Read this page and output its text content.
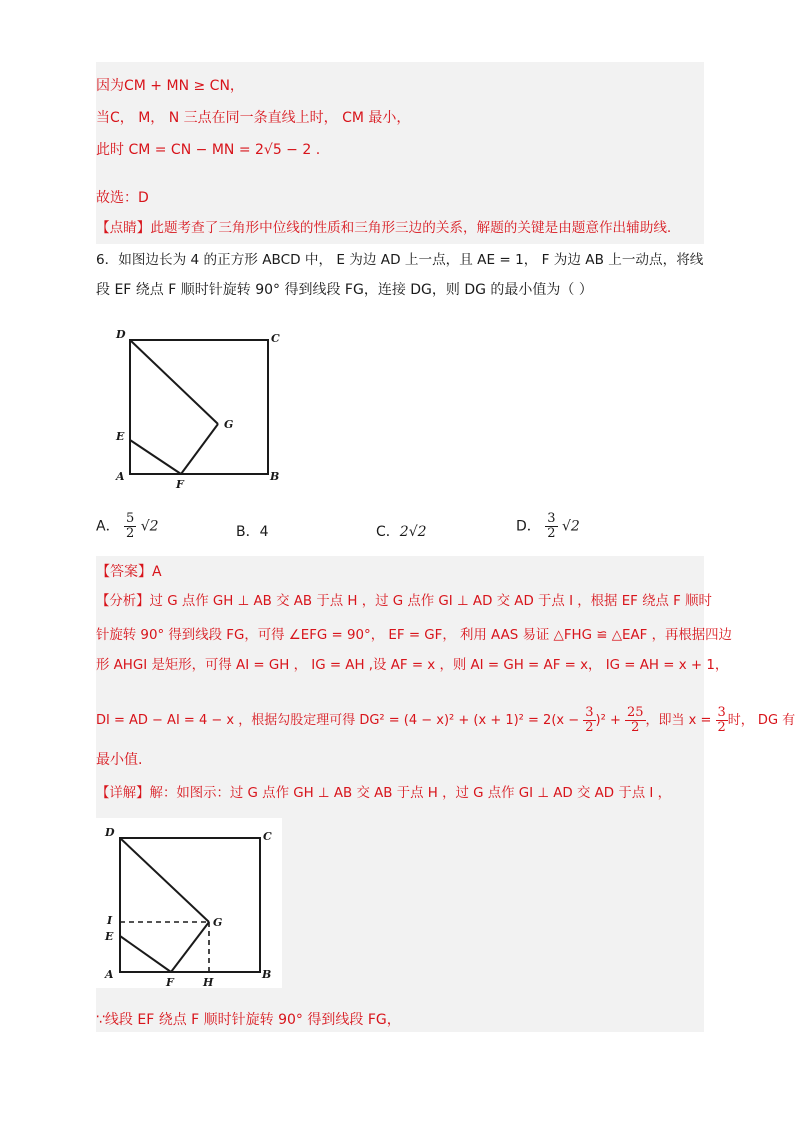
因为CM + MN ≥ CN，
当C， M， N 三点在同一条直线上时， CM 最小，
此时 CM = CN − MN = 2√5 − 2 .
故选：D
【点睛】此题考查了三角形中位线的性质和三角形三边的关系，解题的关键是由题意作出辅助线.
6．如图边长为 4 的正方形 ABCD 中， E 为边 AD 上一点，且 AE = 1， F 为边 AB 上一动点，将线
段 EF 绕点 F 顺时针旋转 90° 得到线段 FG，连接 DG，则 DG 的最小值为（ ）
D	C
E
G
A
F
B
A． $\frac{5}{2} √2$	B．4	C．2√2	D． $\frac{3}{2} √2$
【答案】A
【分析】过 G 点作 GH ⊥ AB 交 AB 于点 H ，过 G 点作 GI ⊥ AD 交 AD 于点 I ，根据 EF 绕点 F 顺时
针旋转 90° 得到线段 FG，可得 ∠EFG = 90°， EF = GF， 利用 AAS 易证 △FHG ≌ △EAF ，再根据四边
形 AHGI 是矩形，可得 AI = GH ， IG = AH ,设 AF = x ，则 AI = GH = AF = x， IG = AH = x + 1，
DI = AD − AI = 4 − x ，根据勾股定理可得 $DG^2 = (4 - x)^2 + (x + 1)^2 = 2(x - \frac{3}{2} )^2 + \frac{25}{2}$ ，即当 $x = \frac{3}{2}$ 时， DG 有
最小值.
【详解】解：如图示：过 G 点作 GH ⊥ AB 交 AB 于点 H ，过 G 点作 GI ⊥ AD 交 AD 于点 I ，
D	C
I
E
G
A
F	H
B
∵线段 EF 绕点 F 顺时针旋转 90° 得到线段 FG，
